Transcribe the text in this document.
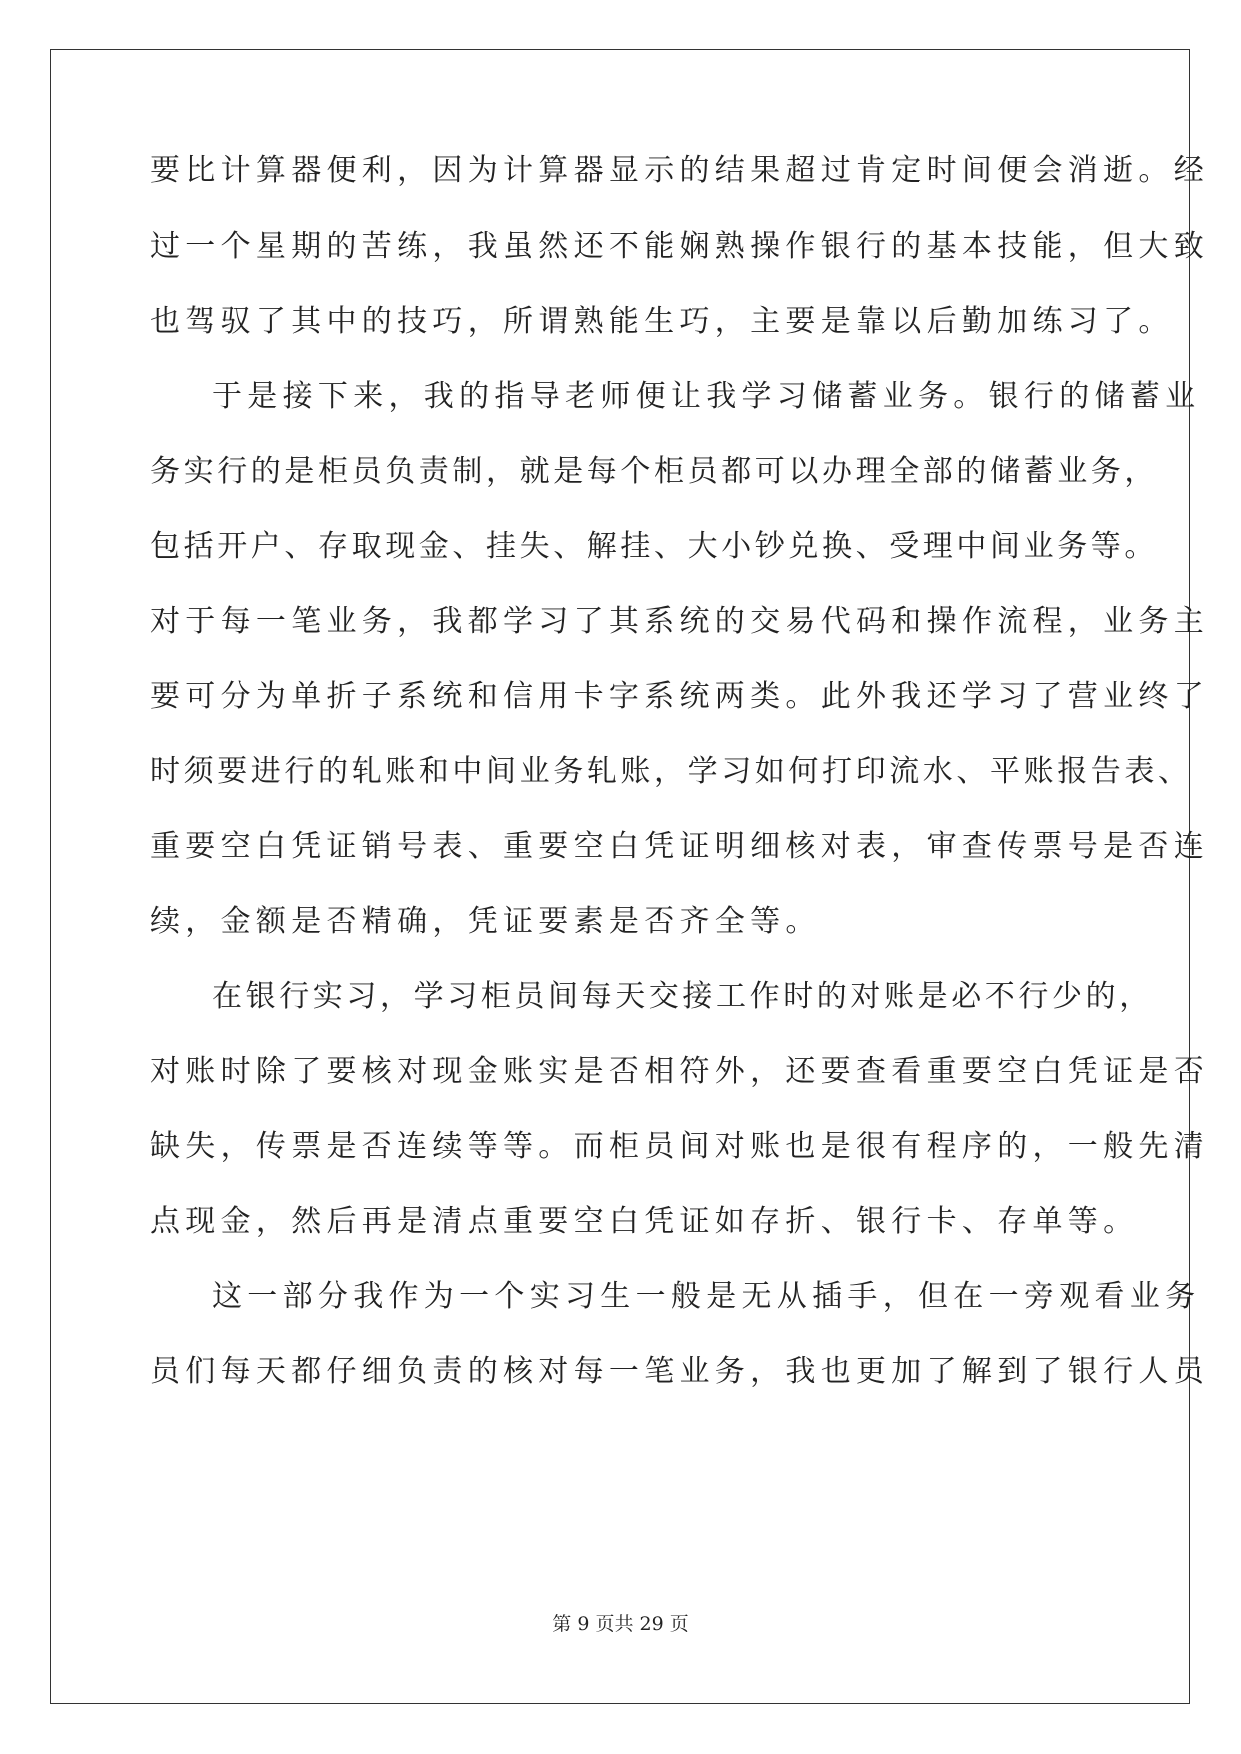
要比计算器便利，因为计算器显示的结果超过肯定时间便会消逝。经
过一个星期的苦练，我虽然还不能娴熟操作银行的基本技能，但大致
也驾驭了其中的技巧，所谓熟能生巧，主要是靠以后勤加练习了。
于是接下来，我的指导老师便让我学习储蓄业务。银行的储蓄业
务实行的是柜员负责制，就是每个柜员都可以办理全部的储蓄业务，
包括开户、存取现金、挂失、解挂、大小钞兑换、受理中间业务等。
对于每一笔业务，我都学习了其系统的交易代码和操作流程，业务主
要可分为单折子系统和信用卡字系统两类。此外我还学习了营业终了
时须要进行的轧账和中间业务轧账，学习如何打印流水、平账报告表、
重要空白凭证销号表、重要空白凭证明细核对表，审查传票号是否连
续，金额是否精确，凭证要素是否齐全等。
在银行实习，学习柜员间每天交接工作时的对账是必不行少的，
对账时除了要核对现金账实是否相符外，还要查看重要空白凭证是否
缺失，传票是否连续等等。而柜员间对账也是很有程序的，一般先清
点现金，然后再是清点重要空白凭证如存折、银行卡、存单等。
这一部分我作为一个实习生一般是无从插手，但在一旁观看业务
员们每天都仔细负责的核对每一笔业务，我也更加了解到了银行人员
第 9 页共 29 页
